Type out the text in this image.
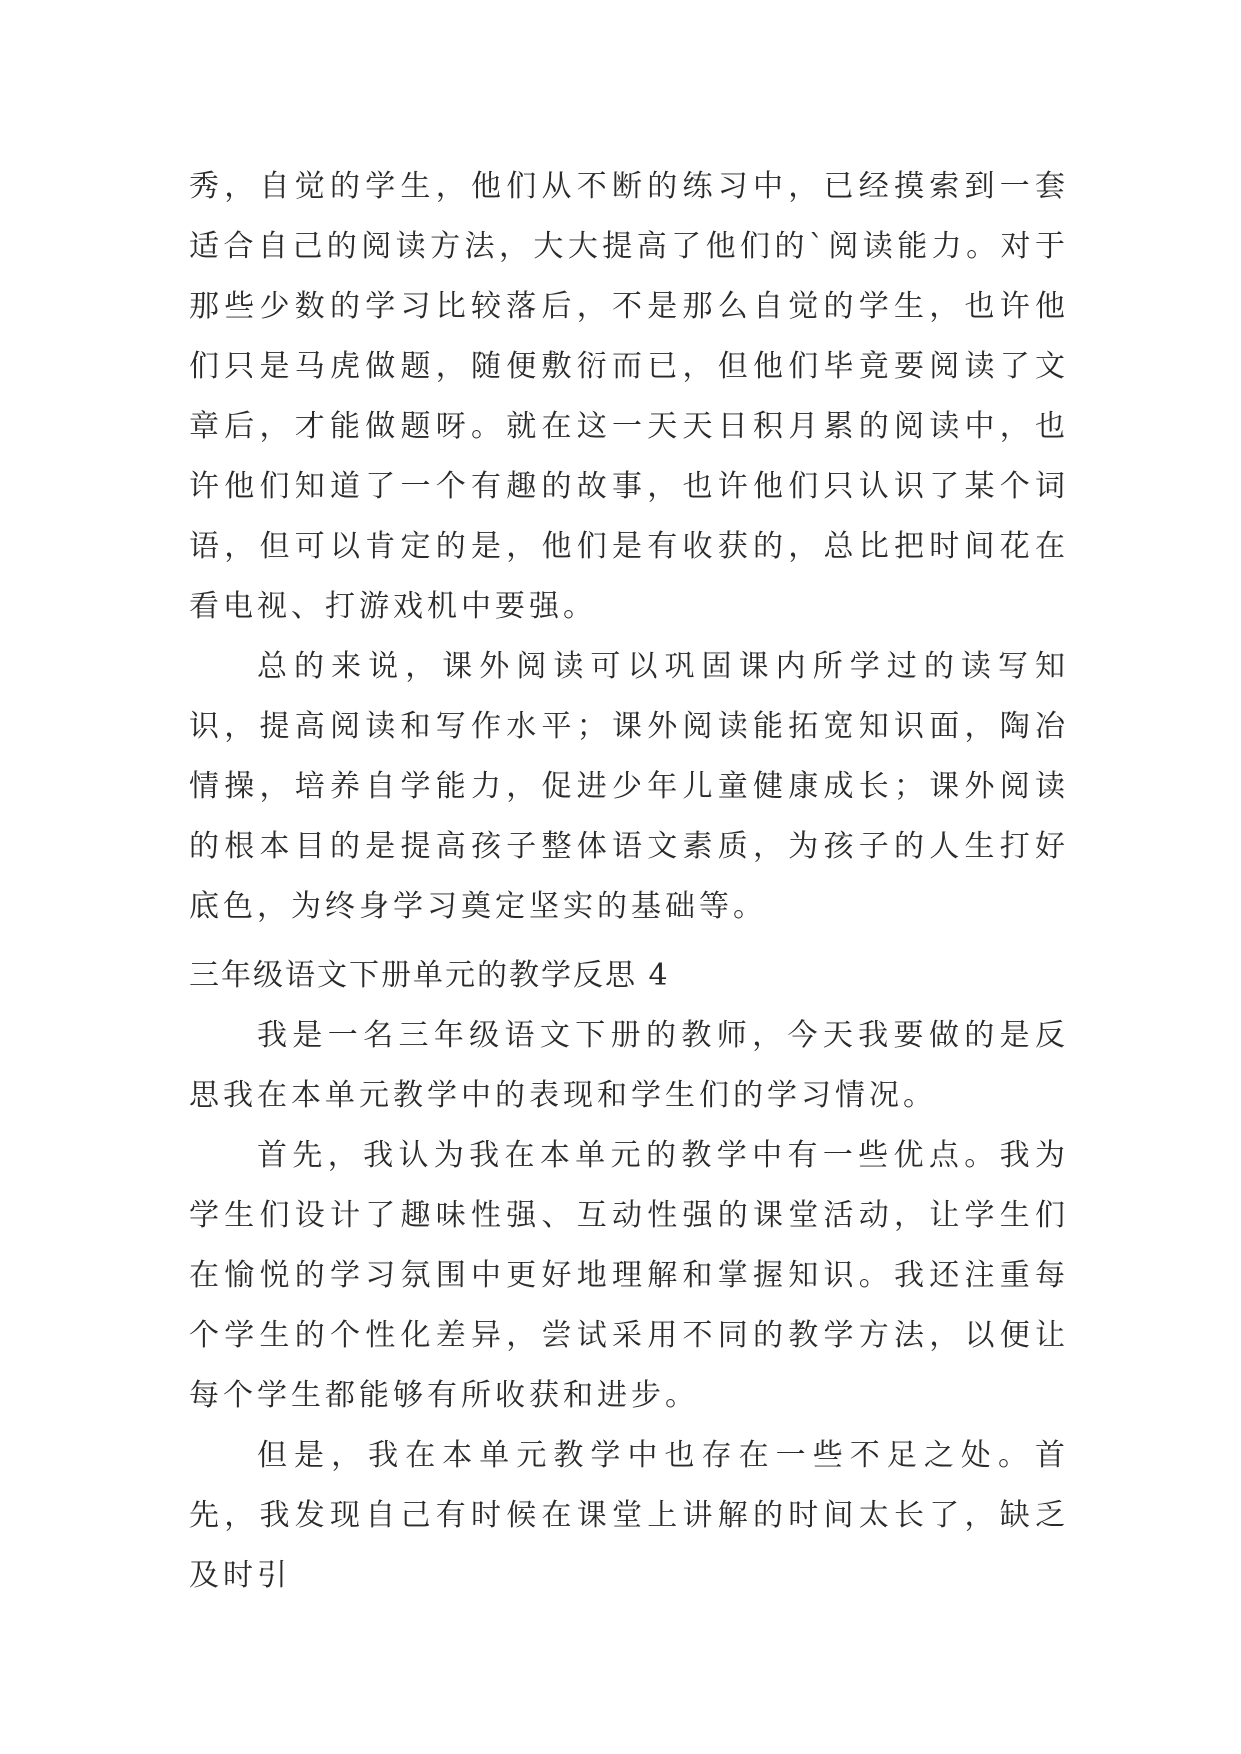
秀，自觉的学生，他们从不断的练习中，已经摸索到一套适合自己的阅读方法，大大提高了他们的`阅读能力。对于那些少数的学习比较落后，不是那么自觉的学生，也许他们只是马虎做题，随便敷衍而已，但他们毕竟要阅读了文章后，才能做题呀。就在这一天天日积月累的阅读中，也许他们知道了一个有趣的故事，也许他们只认识了某个词语，但可以肯定的是，他们是有收获的，总比把时间花在看电视、打游戏机中要强。

总的来说，课外阅读可以巩固课内所学过的读写知识，提高阅读和写作水平；课外阅读能拓宽知识面，陶冶情操，培养自学能力，促进少年儿童健康成长；课外阅读的根本目的是提高孩子整体语文素质，为孩子的人生打好底色，为终身学习奠定坚实的基础等。

三年级语文下册单元的教学反思 4

我是一名三年级语文下册的教师，今天我要做的是反思我在本单元教学中的表现和学生们的学习情况。

首先，我认为我在本单元的教学中有一些优点。我为学生们设计了趣味性强、互动性强的课堂活动，让学生们在愉悦的学习氛围中更好地理解和掌握知识。我还注重每个学生的个性化差异，尝试采用不同的教学方法，以便让每个学生都能够有所收获和进步。

但是，我在本单元教学中也存在一些不足之处。首先，我发现自己有时候在课堂上讲解的时间太长了，缺乏及时引
